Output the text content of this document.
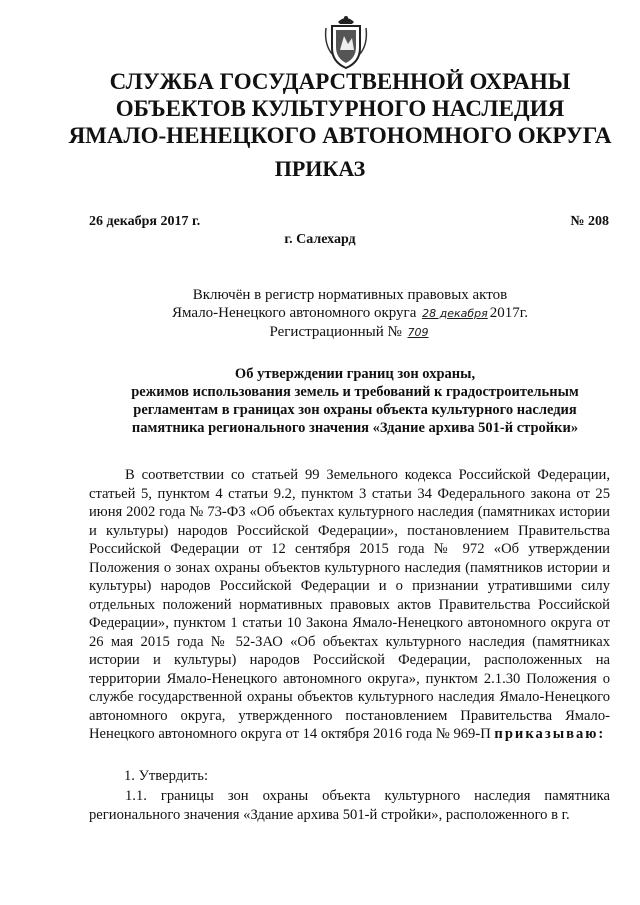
СЛУЖБА ГОСУДАРСТВЕННОЙ ОХРАНЫ
ОБЪЕКТОВ КУЛЬТУРНОГО НАСЛЕДИЯ
ЯМАЛО-НЕНЕЦКОГО АВТОНОМНОГО ОКРУГА
ПРИКАЗ
26 декабря 2017 г.	№ 208
г. Салехард
Включён в регистр нормативных правовых актов
Ямало-Ненецкого автономного округа 28 декабря 2017г.
Регистрационный № 709
Об утверждении границ зон охраны,
режимов использования земель и требований к градостроительным
регламентам в границах зон охраны объекта культурного наследия
памятника регионального значения «Здание архива 501-й стройки»

В соответствии со статьей 99 Земельного кодекса Российской Федерации, статьей 5, пунктом 4 статьи 9.2, пунктом 3 статьи 34 Федерального закона от 25 июня 2002 года № 73-ФЗ «Об объектах культурного наследия (памятниках истории и культуры) народов Российской Федерации», постановлением Правительства Российской Федерации от 12 сентября 2015 года № 972 «Об утверждении Положения о зонах охраны объектов культурного наследия (памятников истории и культуры) народов Российской Федерации и о признании утратившими силу отдельных положений нормативных правовых актов Правительства Российской Федерации», пунктом 1 статьи 10 Закона Ямало-Ненецкого автономного округа от 26 мая 2015 года № 52-ЗАО «Об объектах культурного наследия (памятниках истории и культуры) народов Российской Федерации, расположенных на территории Ямало-Ненецкого автономного округа», пунктом 2.1.30 Положения о службе государственной охраны объектов культурного наследия Ямало-Ненецкого автономного округа, утвержденного постановлением Правительства Ямало-Ненецкого автономного округа от 14 октября 2016 года № 969-П приказываю:

1. Утвердить:

1.1. границы зон охраны объекта культурного наследия памятника регионального значения «Здание архива 501-й стройки», расположенного в г.
